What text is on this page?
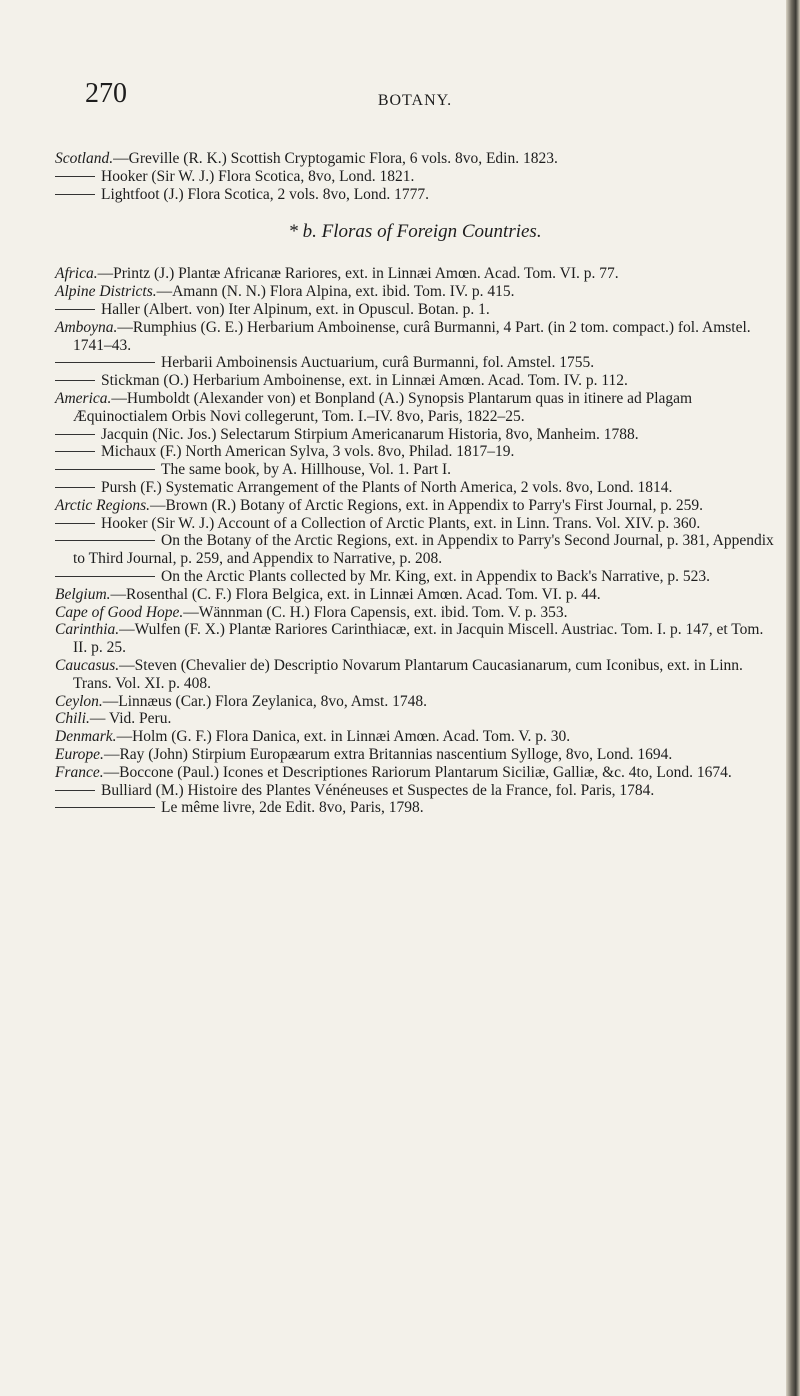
270	BOTANY.

Scotland.—Greville (R. K.) Scottish Cryptogamic Flora, 6 vols. 8vo, Edin. 1823.

Hooker (Sir W. J.) Flora Scotica, 8vo, Lond. 1821.

Lightfoot (J.) Flora Scotica, 2 vols. 8vo, Lond. 1777.

* b. Floras of Foreign Countries.

Africa.—Printz (J.) Plantæ Africanæ Rariores, ext. in Linnæi Amœn. Acad. Tom. VI. p. 77.

Alpine Districts.—Amann (N. N.) Flora Alpina, ext. ibid. Tom. IV. p. 415.

Haller (Albert. von) Iter Alpinum, ext. in Opuscul. Botan. p. 1.

Amboyna.—Rumphius (G. E.) Herbarium Amboinense, curâ Burmanni, 4 Part. (in 2 tom. compact.) fol. Amstel. 1741–43.

Herbarii Amboinensis Auctuarium, curâ Burmanni, fol. Amstel. 1755.

Stickman (O.) Herbarium Amboinense, ext. in Linnæi Amœn. Acad. Tom. IV. p. 112.

America.—Humboldt (Alexander von) et Bonpland (A.) Synopsis Plantarum quas in itinere ad Plagam Æquinoctialem Orbis Novi collegerunt, Tom. I.–IV. 8vo, Paris, 1822–25.

Jacquin (Nic. Jos.) Selectarum Stirpium Americanarum Historia, 8vo, Manheim. 1788.

Michaux (F.) North American Sylva, 3 vols. 8vo, Philad. 1817–19.

The same book, by A. Hillhouse, Vol. 1. Part I.

Pursh (F.) Systematic Arrangement of the Plants of North America, 2 vols. 8vo, Lond. 1814.

Arctic Regions.—Brown (R.) Botany of Arctic Regions, ext. in Appendix to Parry's First Journal, p. 259.

Hooker (Sir W. J.) Account of a Collection of Arctic Plants, ext. in Linn. Trans. Vol. XIV. p. 360.

On the Botany of the Arctic Regions, ext. in Appendix to Parry's Second Journal, p. 381, Appendix to Third Journal, p. 259, and Appendix to Narrative, p. 208.

On the Arctic Plants collected by Mr. King, ext. in Appendix to Back's Narrative, p. 523.

Belgium.—Rosenthal (C. F.) Flora Belgica, ext. in Linnæi Amœn. Acad. Tom. VI. p. 44.

Cape of Good Hope.—Wännman (C. H.) Flora Capensis, ext. ibid. Tom. V. p. 353.

Carinthia.—Wulfen (F. X.) Plantæ Rariores Carinthiacæ, ext. in Jacquin Miscell. Austriac. Tom. I. p. 147, et Tom. II. p. 25.

Caucasus.—Steven (Chevalier de) Descriptio Novarum Plantarum Caucasianarum, cum Iconibus, ext. in Linn. Trans. Vol. XI. p. 408.

Ceylon.—Linnæus (Car.) Flora Zeylanica, 8vo, Amst. 1748.

Chili.— Vid. Peru.

Denmark.—Holm (G. F.) Flora Danica, ext. in Linnæi Amœn. Acad. Tom. V. p. 30.

Europe.—Ray (John) Stirpium Europæarum extra Britannias nascentium Sylloge, 8vo, Lond. 1694.

France.—Boccone (Paul.) Icones et Descriptiones Rariorum Plantarum Siciliæ, Galliæ, &c. 4to, Lond. 1674.

Bulliard (M.) Histoire des Plantes Vénéneuses et Suspectes de la France, fol. Paris, 1784.

Le même livre, 2de Edit. 8vo, Paris, 1798.
